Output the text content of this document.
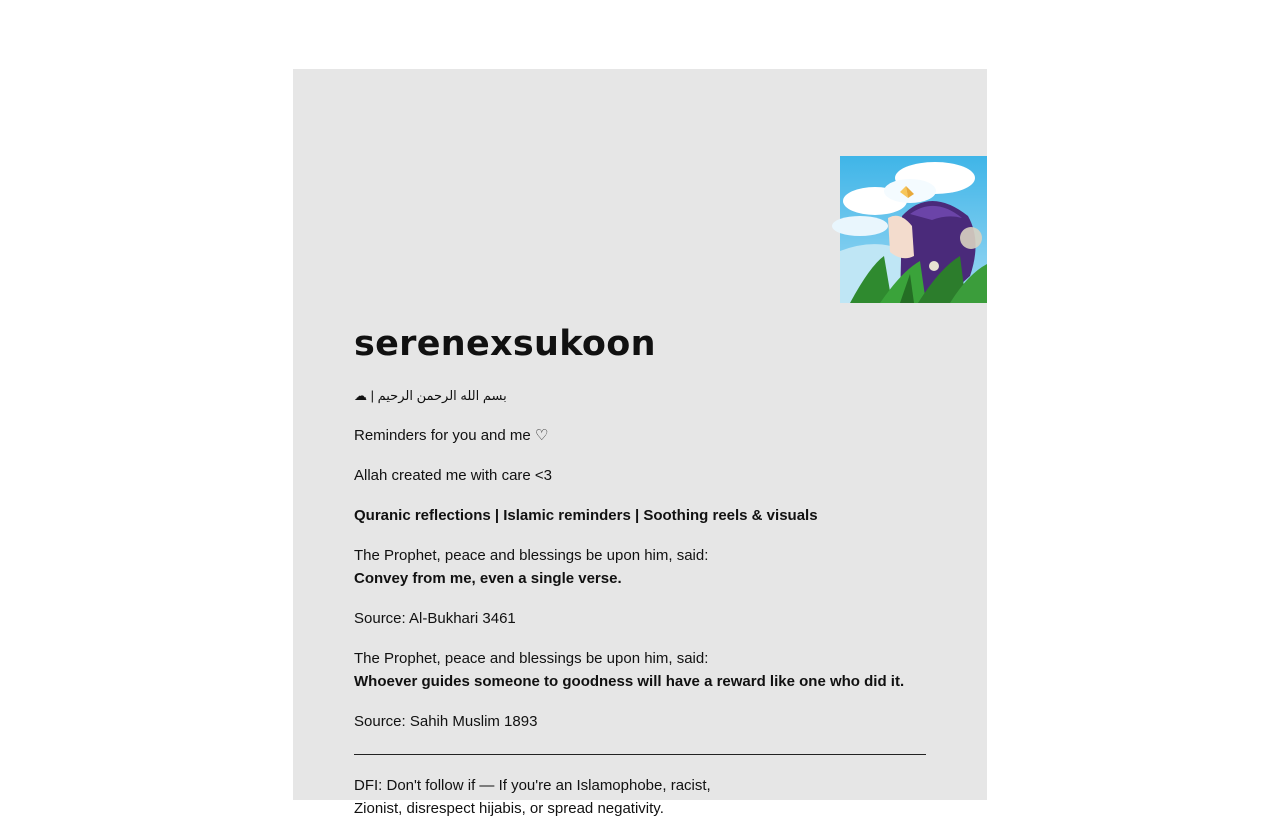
serenexsukoon

☁ | بسم الله الرحمن الرحيم

Reminders for you and me ♡

Allah created me with care <3

Quranic reflections | Islamic reminders | Soothing reels & visuals

The Prophet, peace and blessings be upon him, said:

Convey from me, even a single verse.

Source: Al-Bukhari 3461

The Prophet, peace and blessings be upon him, said:

Whoever guides someone to goodness will have a reward like one who did it.

Source: Sahih Muslim 1893

DFI: Don't follow if — If you're an Islamophobe, racist,

Zionist, disrespect hijabis, or spread negativity.
